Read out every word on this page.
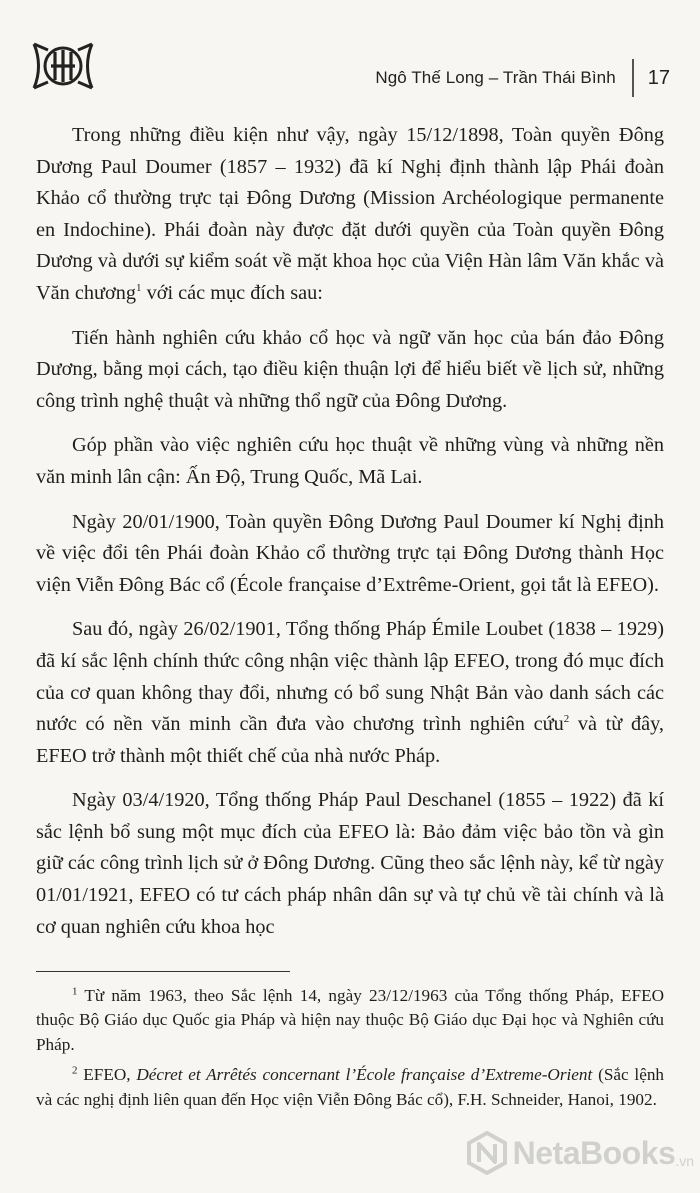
Ngô Thế Long – Trần Thái Bình 17

Trong những điều kiện như vậy, ngày 15/12/1898, Toàn quyền Đông Dương Paul Doumer (1857 – 1932) đã kí Nghị định thành lập Phái đoàn Khảo cổ thường trực tại Đông Dương (Mission Archéologique permanente en Indochine). Phái đoàn này được đặt dưới quyền của Toàn quyền Đông Dương và dưới sự kiểm soát về mặt khoa học của Viện Hàn lâm Văn khắc và Văn chương$^1$ với các mục đích sau:

Tiến hành nghiên cứu khảo cổ học và ngữ văn học của bán đảo Đông Dương, bằng mọi cách, tạo điều kiện thuận lợi để hiểu biết về lịch sử, những công trình nghệ thuật và những thổ ngữ của Đông Dương.

Góp phần vào việc nghiên cứu học thuật về những vùng và những nền văn minh lân cận: Ấn Độ, Trung Quốc, Mã Lai.

Ngày 20/01/1900, Toàn quyền Đông Dương Paul Doumer kí Nghị định về việc đổi tên Phái đoàn Khảo cổ thường trực tại Đông Dương thành Học viện Viễn Đông Bác cổ (École française d’Extrême-Orient, gọi tắt là EFEO).

Sau đó, ngày 26/02/1901, Tổng thống Pháp Émile Loubet (1838 – 1929) đã kí sắc lệnh chính thức công nhận việc thành lập EFEO, trong đó mục đích của cơ quan không thay đổi, nhưng có bổ sung Nhật Bản vào danh sách các nước có nền văn minh cần đưa vào chương trình nghiên cứu$^2$ và từ đây, EFEO trở thành một thiết chế của nhà nước Pháp.

Ngày 03/4/1920, Tổng thống Pháp Paul Deschanel (1855 – 1922) đã kí sắc lệnh bổ sung một mục đích của EFEO là: Bảo đảm việc bảo tồn và gìn giữ các công trình lịch sử ở Đông Dương. Cũng theo sắc lệnh này, kể từ ngày 01/01/1921, EFEO có tư cách pháp nhân dân sự và tự chủ về tài chính và là cơ quan nghiên cứu khoa học

$^1$ Từ năm 1963, theo Sắc lệnh 14, ngày 23/12/1963 của Tổng thống Pháp, EFEO thuộc Bộ Giáo dục Quốc gia Pháp và hiện nay thuộc Bộ Giáo dục Đại học và Nghiên cứu Pháp.

$^2$ EFEO, Décret et Arrêtés concernant l’École française d’Extreme-Orient (Sắc lệnh và các nghị định liên quan đến Học viện Viễn Đông Bác cổ), F.H. Schneider, Hanoi, 1902.

NetaBooks .vn
